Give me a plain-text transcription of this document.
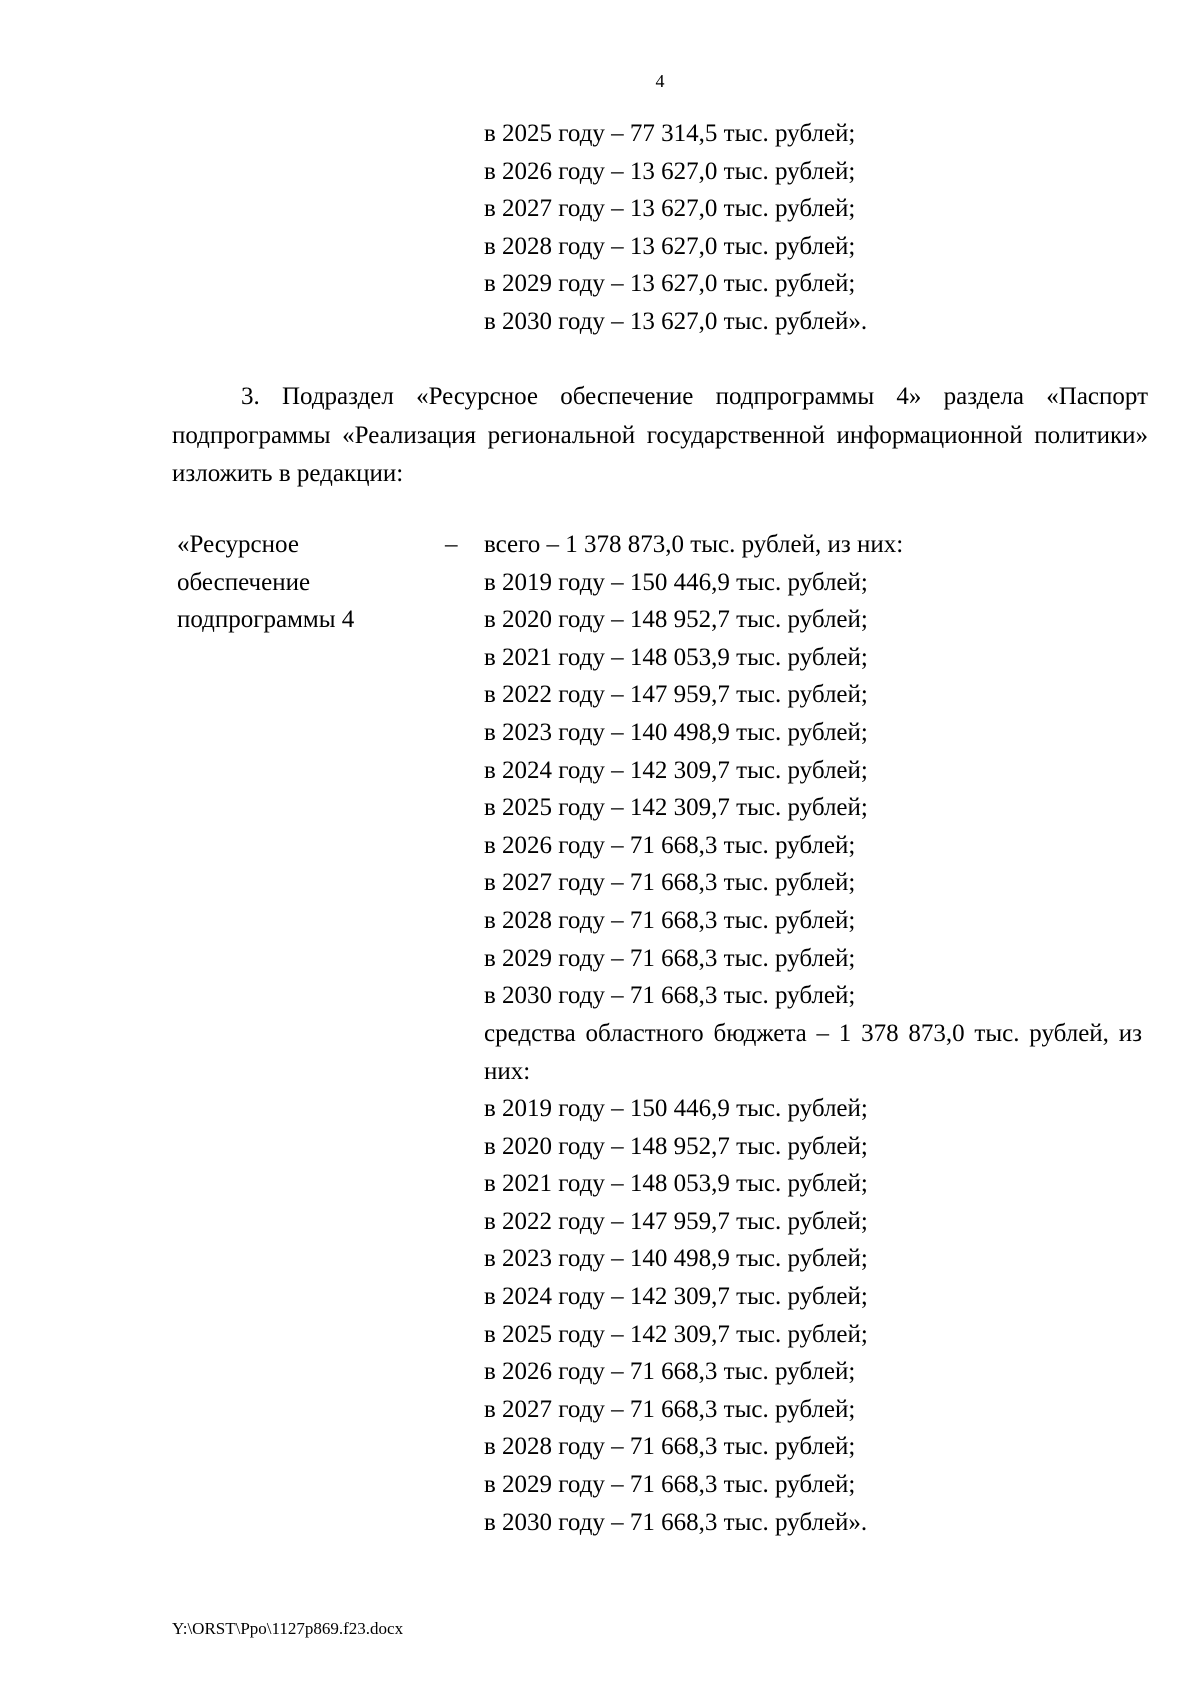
4
в 2025 году – 77 314,5 тыс. рублей;
в 2026 году – 13 627,0 тыс. рублей;
в 2027 году – 13 627,0 тыс. рублей;
в 2028 году – 13 627,0 тыс. рублей;
в 2029 году – 13 627,0 тыс. рублей;
в 2030 году – 13 627,0 тыс. рублей».

3. Подраздел «Ресурсное обеспечение подпрограммы 4» раздела «Паспорт подпрограммы «Реализация региональной государственной информационной политики» изложить в редакции:

«Ресурсное
обеспечение
подпрограммы 4
– всего – 1 378 873,0 тыс. рублей, из них:
в 2019 году – 150 446,9 тыс. рублей;
в 2020 году – 148 952,7 тыс. рублей;
в 2021 году – 148 053,9 тыс. рублей;
в 2022 году – 147 959,7 тыс. рублей;
в 2023 году – 140 498,9 тыс. рублей;
в 2024 году – 142 309,7 тыс. рублей;
в 2025 году – 142 309,7 тыс. рублей;
в 2026 году – 71 668,3 тыс. рублей;
в 2027 году – 71 668,3 тыс. рублей;
в 2028 году – 71 668,3 тыс. рублей;
в 2029 году – 71 668,3 тыс. рублей;
в 2030 году – 71 668,3 тыс. рублей;

средства областного бюджета – 1 378 873,0 тыс. рублей, из них:

в 2019 году – 150 446,9 тыс. рублей;
в 2020 году – 148 952,7 тыс. рублей;
в 2021 году – 148 053,9 тыс. рублей;
в 2022 году – 147 959,7 тыс. рублей;
в 2023 году – 140 498,9 тыс. рублей;
в 2024 году – 142 309,7 тыс. рублей;
в 2025 году – 142 309,7 тыс. рублей;
в 2026 году – 71 668,3 тыс. рублей;
в 2027 году – 71 668,3 тыс. рублей;
в 2028 году – 71 668,3 тыс. рублей;
в 2029 году – 71 668,3 тыс. рублей;
в 2030 году – 71 668,3 тыс. рублей».
Y:\ORST\Ppo\1127p869.f23.docx
